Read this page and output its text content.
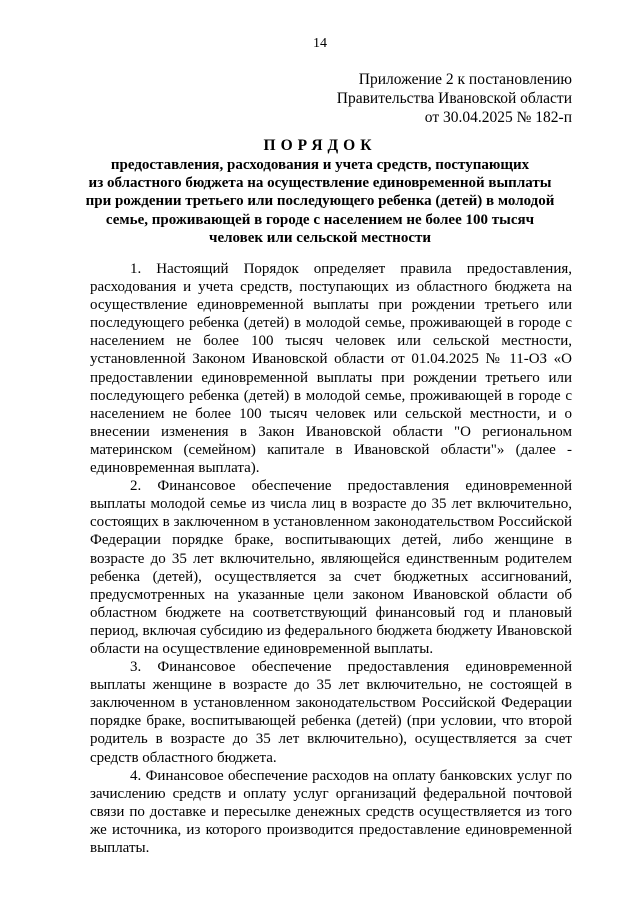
14
Приложение 2 к постановлению
Правительства Ивановской области
от 30.04.2025 № 182-п
ПОРЯДОК
предоставления, расходования и учета средств, поступающих
из областного бюджета на осуществление единовременной выплаты
при рождении третьего или последующего ребенка (детей) в молодой
семье, проживающей в городе с населением не более 100 тысяч
человек или сельской местности

1. Настоящий Порядок определяет правила предоставления, расходования и учета средств, поступающих из областного бюджета на осуществление единовременной выплаты при рождении третьего или последующего ребенка (детей) в молодой семье, проживающей в городе с населением не более 100 тысяч человек или сельской местности, установленной Законом Ивановской области от 01.04.2025 № 11-ОЗ «О предоставлении единовременной выплаты при рождении третьего или последующего ребенка (детей) в молодой семье, проживающей в городе с населением не более 100 тысяч человек или сельской местности, и о внесении изменения в Закон Ивановской области "О региональном материнском (семейном) капитале в Ивановской области"» (далее - единовременная выплата).

2. Финансовое обеспечение предоставления единовременной выплаты молодой семье из числа лиц в возрасте до 35 лет включительно, состоящих в заключенном в установленном законодательством Российской Федерации порядке браке, воспитывающих детей, либо женщине в возрасте до 35 лет включительно, являющейся единственным родителем ребенка (детей), осуществляется за счет бюджетных ассигнований, предусмотренных на указанные цели законом Ивановской области об областном бюджете на соответствующий финансовый год и плановый период, включая субсидию из федерального бюджета бюджету Ивановской области на осуществление единовременной выплаты.

3. Финансовое обеспечение предоставления единовременной выплаты женщине в возрасте до 35 лет включительно, не состоящей в заключенном в установленном законодательством Российской Федерации порядке браке, воспитывающей ребенка (детей) (при условии, что второй родитель в возрасте до 35 лет включительно), осуществляется за счет средств областного бюджета.

4. Финансовое обеспечение расходов на оплату банковских услуг по зачислению средств и оплату услуг организаций федеральной почтовой связи по доставке и пересылке денежных средств осуществляется из того же источника, из которого производится предоставление единовременной выплаты.
